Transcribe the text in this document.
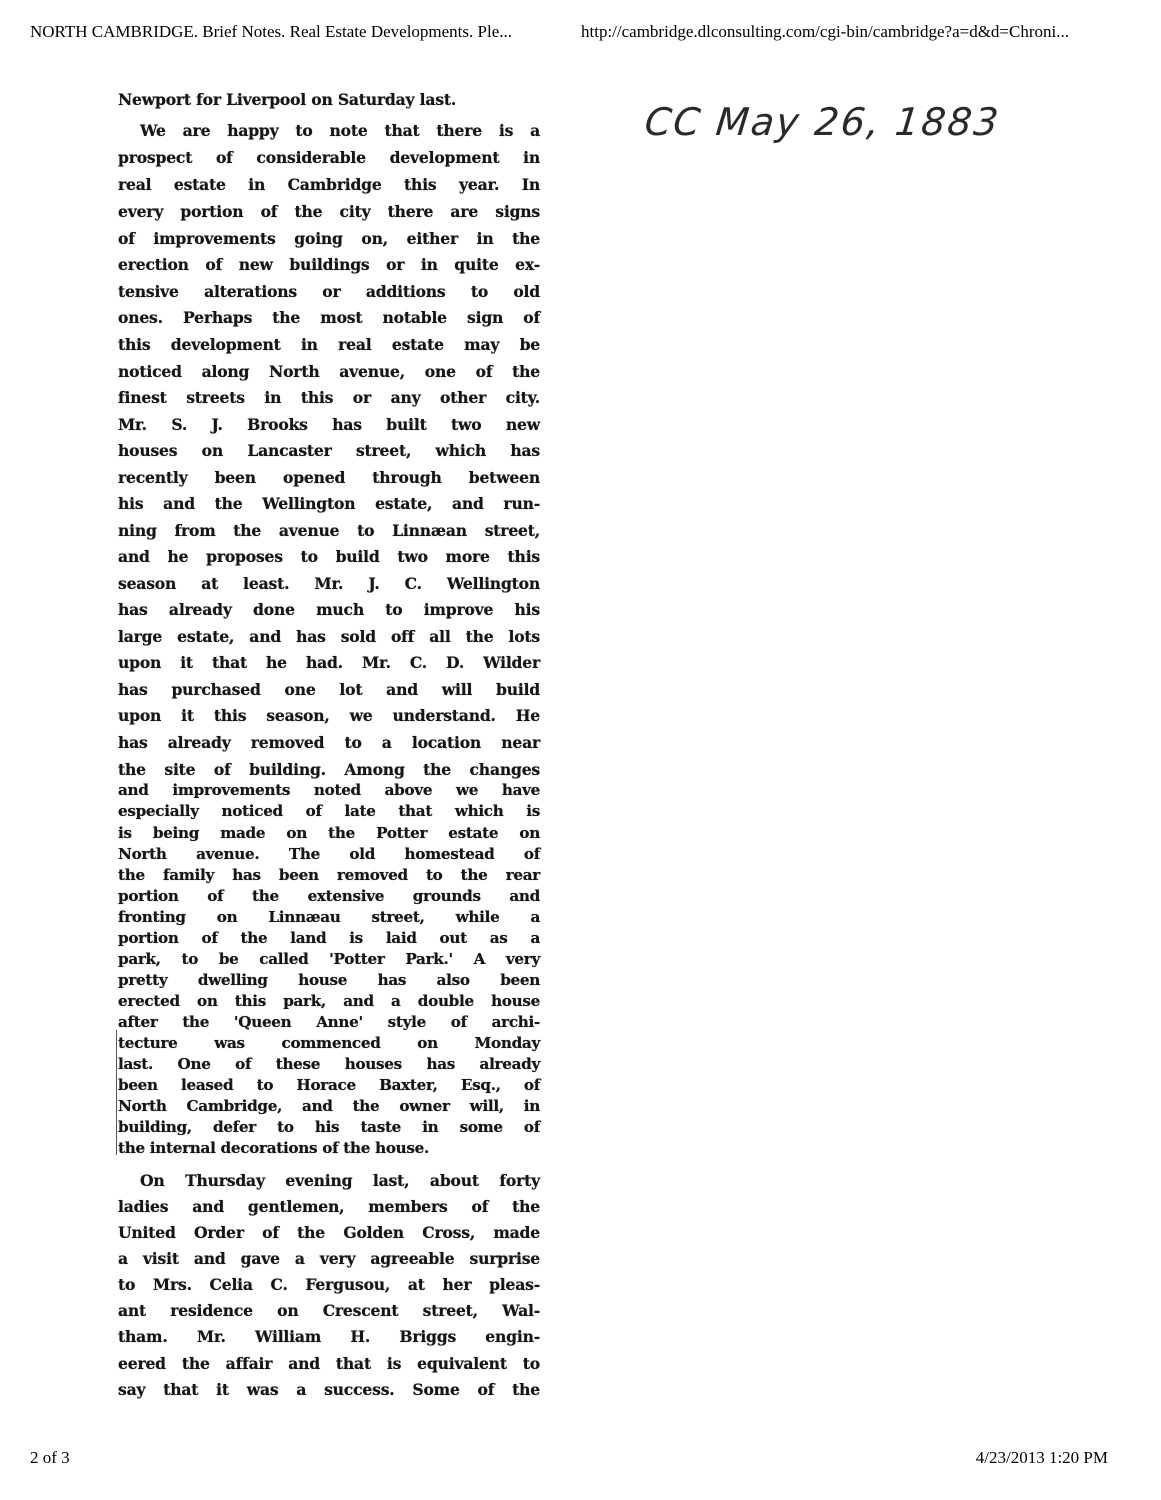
NORTH CAMBRIDGE. Brief Notes. Real Estate Developments. Ple...	http://cambridge.dlconsulting.com/cgi-bin/cambridge?a=d&d=Chroni...
Newport for Liverpool on Saturday last.
We are happy to note that there is a
prospect of considerable development in
real estate in Cambridge this year. In
every portion of the city there are signs
of improvements going on, either in the
erection of new buildings or in quite ex-
tensive alterations or additions to old
ones. Perhaps the most notable sign of
this development in real estate may be
noticed along North avenue, one of the
finest streets in this or any other city.
Mr. S. J. Brooks has built two new
houses on Lancaster street, which has
recently been opened through between
his and the Wellington estate, and run-
ning from the avenue to Linnæan street,
and he proposes to build two more this
season at least. Mr. J. C. Wellington
has already done much to improve his
large estate, and has sold off all the lots
upon it that he had. Mr. C. D. Wilder
has purchased one lot and will build
upon it this season, we understand. He
has already removed to a location near
the site of building. Among the changes
and improvements noted above we have
especially noticed of late that which is
is being made on the Potter estate on
North avenue. The old homestead of
the family has been removed to the rear
portion of the extensive grounds and
fronting on Linnæau street, while a
portion of the land is laid out as a
park, to be called 'Potter Park.' A very
pretty dwelling house has also been
erected on this park, and a double house
after the 'Queen Anne' style of archi-
tecture was commenced on Monday
last. One of these houses has already
been leased to Horace Baxter, Esq., of
North Cambridge, and the owner will, in
building, defer to his taste in some of
the internal decorations of the house.
On Thursday evening last, about forty
ladies and gentlemen, members of the
United Order of the Golden Cross, made
a visit and gave a very agreeable surprise
to Mrs. Celia C. Fergusou, at her pleas-
ant residence on Crescent street, Wal-
tham. Mr. William H. Briggs engin-
eered the affair and that is equivalent to
say that it was a success. Some of the
CC May 26, 1883
2 of 3	4/23/2013 1:20 PM
